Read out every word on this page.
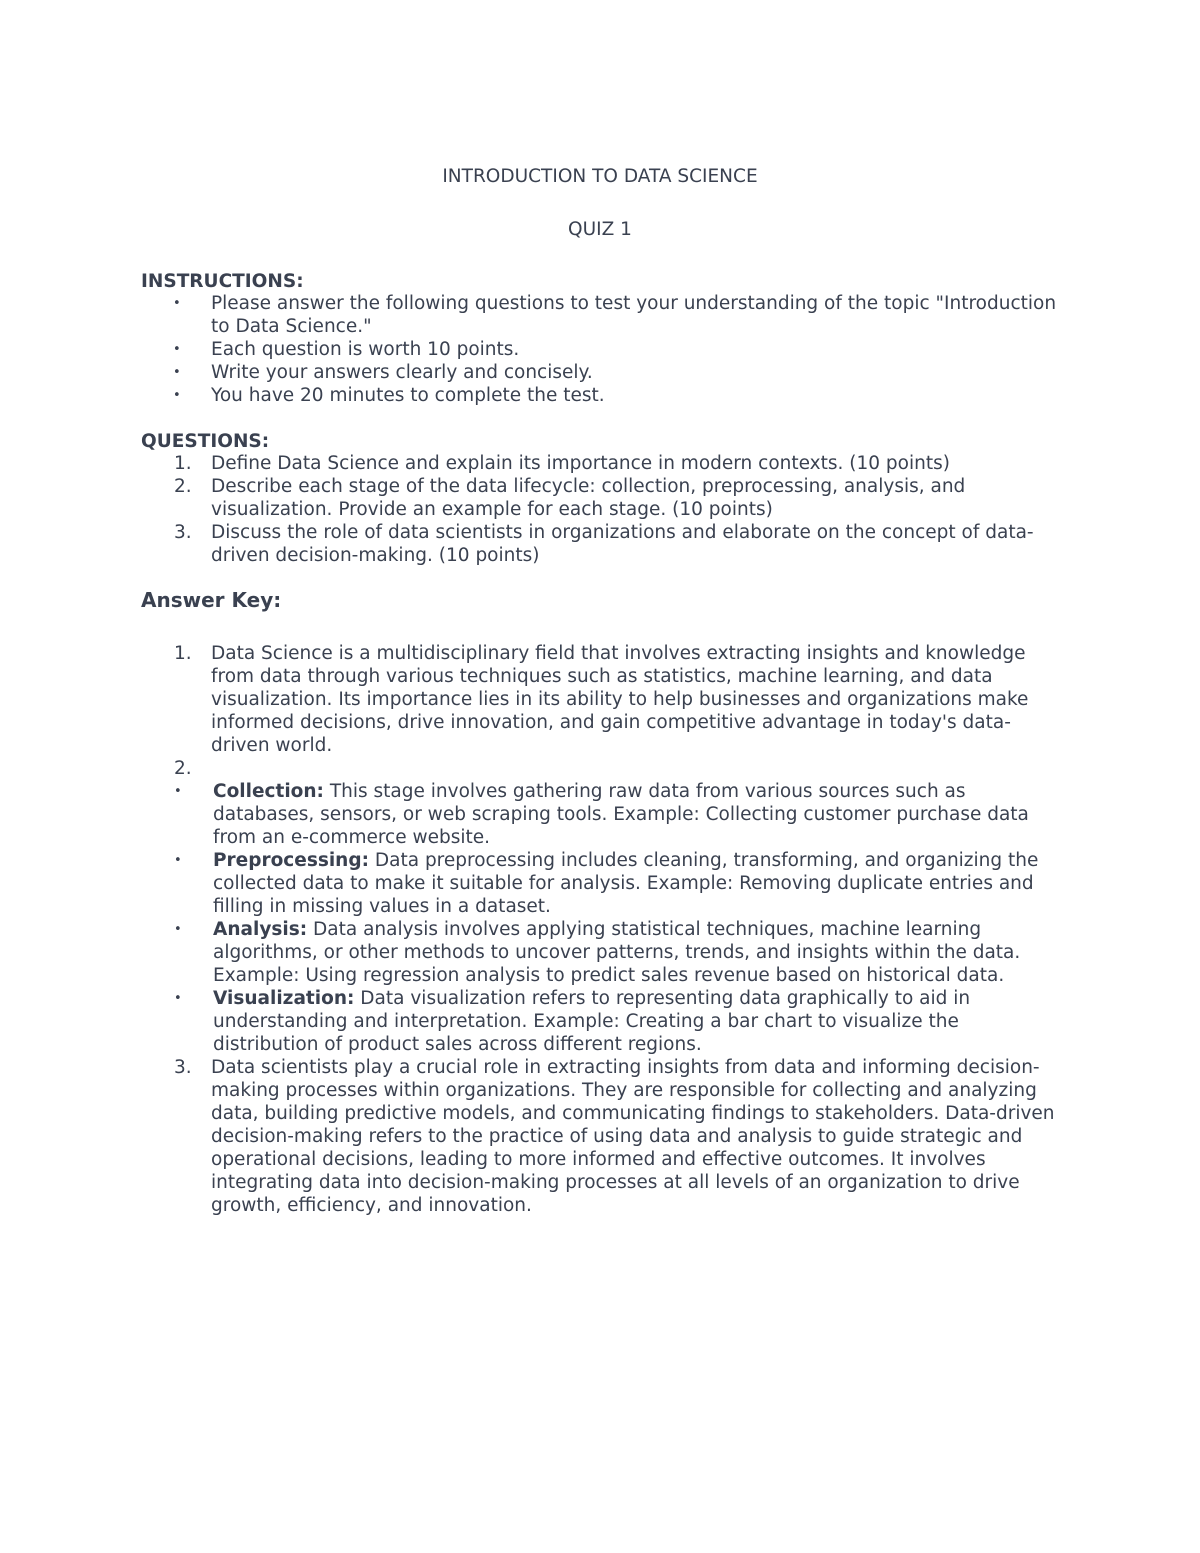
INTRODUCTION TO DATA SCIENCE
QUIZ 1
INSTRUCTIONS:
• Please answer the following questions to test your understanding of the topic "Introduction to Data Science."
• Each question is worth 10 points.
• Write your answers clearly and concisely.
• You have 20 minutes to complete the test.
QUESTIONS:
1. Define Data Science and explain its importance in modern contexts. (10 points)
2. Describe each stage of the data lifecycle: collection, preprocessing, analysis, and visualization. Provide an example for each stage. (10 points)
3. Discuss the role of data scientists in organizations and elaborate on the concept of data-driven decision-making. (10 points)
Answer Key:
1. Data Science is a multidisciplinary field that involves extracting insights and knowledge from data through various techniques such as statistics, machine learning, and data visualization. Its importance lies in its ability to help businesses and organizations make informed decisions, drive innovation, and gain competitive advantage in today's data-driven world.
2.
• Collection: This stage involves gathering raw data from various sources such as databases, sensors, or web scraping tools. Example: Collecting customer purchase data from an e-commerce website.
• Preprocessing: Data preprocessing includes cleaning, transforming, and organizing the collected data to make it suitable for analysis. Example: Removing duplicate entries and filling in missing values in a dataset.
• Analysis: Data analysis involves applying statistical techniques, machine learning algorithms, or other methods to uncover patterns, trends, and insights within the data. Example: Using regression analysis to predict sales revenue based on historical data.
• Visualization: Data visualization refers to representing data graphically to aid in understanding and interpretation. Example: Creating a bar chart to visualize the distribution of product sales across different regions.
3. Data scientists play a crucial role in extracting insights from data and informing decision-making processes within organizations. They are responsible for collecting and analyzing data, building predictive models, and communicating findings to stakeholders. Data-driven decision-making refers to the practice of using data and analysis to guide strategic and operational decisions, leading to more informed and effective outcomes. It involves integrating data into decision-making processes at all levels of an organization to drive growth, efficiency, and innovation.
